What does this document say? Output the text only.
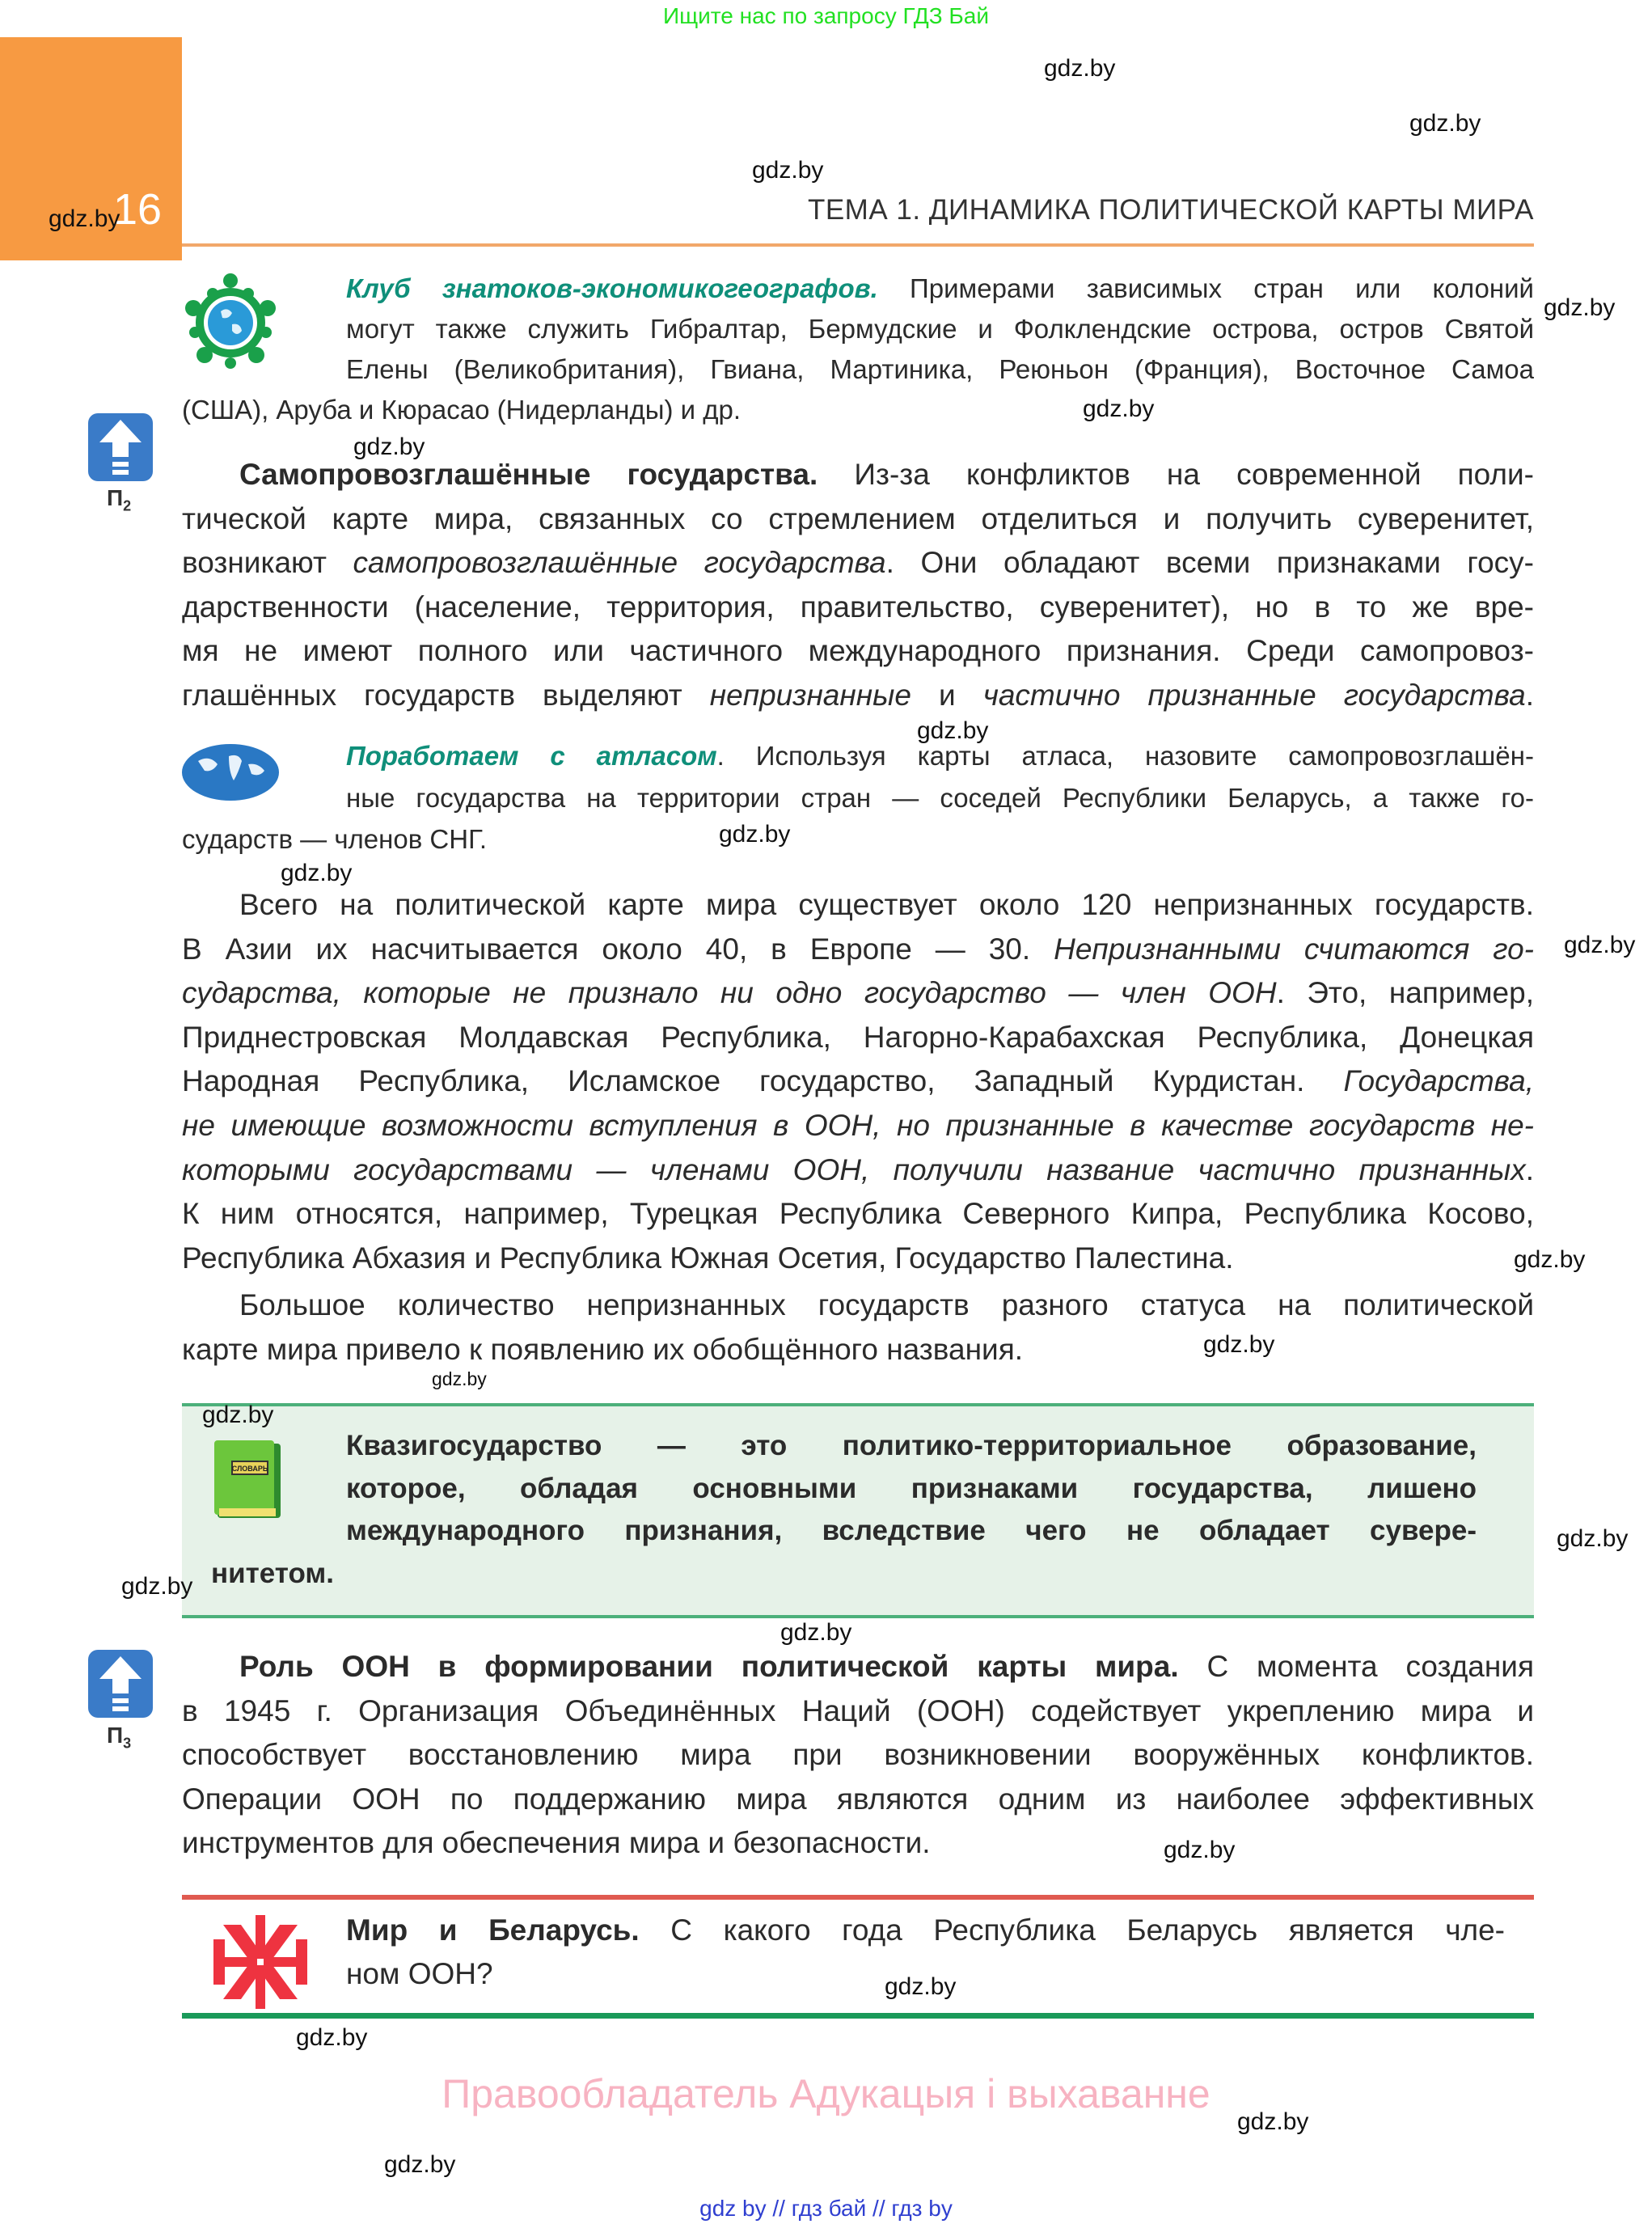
Ищите нас по запросу ГДЗ Бай
16	ТЕМА 1. ДИНАМИКА ПОЛИТИЧЕСКОЙ КАРТЫ МИРА
Клуб знатоков-экономикогеографов. Примерами зависимых стран или колоний
могут также служить Гибралтар, Бермудские и Фолклендские острова, остров Святой
Елены (Великобритания), Гвиана, Мартиника, Реюньон (Франция), Восточное Самоа
(США), Аруба и Кюрасао (Нидерланды) и др.
$П_2$
Самопровозглашённые государства. Из-за конфликтов на современной поли-
тической карте мира, связанных со стремлением отделиться и получить суверенитет,
возникают самопровозглашённые государства. Они обладают всеми признаками госу-
дарственности (население, территория, правительство, суверенитет), но в то же вре-
мя не имеют полного или частичного международного признания. Среди самопровоз-
глашённых государств выделяют непризнанные и частично признанные государства.
Поработаем с атласом. Используя карты атласа, назовите самопровозглашён-
ные государства на территории стран — соседей Республики Беларусь, а также го-
сударств — членов СНГ.
Всего на политической карте мира существует около 120 непризнанных государств.
В Азии их насчитывается около 40, в Европе — 30. Непризнанными считаются го-
сударства, которые не признало ни одно государство — член ООН. Это, например,
Приднестровская Молдавская Республика, Нагорно-Карабахская Республика, Донецкая
Народная Республика, Исламское государство, Западный Курдистан. Государства,
не имеющие возможности вступления в ООН, но признанные в качестве государств не-
которыми государствами — членами ООН, получили название частично признанных.
К ним относятся, например, Турецкая Республика Северного Кипра, Республика Косово,
Республика Абхазия и Республика Южная Осетия, Государство Палестина.
Большое количество непризнанных государств разного статуса на политической
карте мира привело к появлению их обобщённого названия.
СЛОВАРЬ
Квазигосударство — это политико-территориальное образование,
которое, обладая основными признаками государства, лишено
международного признания, вследствие чего не обладает сувере-
нитетом.
$П_3$
Роль ООН в формировании политической карты мира. С момента создания
в 1945 г. Организация Объединённых Наций (ООН) содействует укреплению мира и
способствует восстановлению мира при возникновении вооружённых конфликтов.
Операции ООН по поддержанию мира являются одним из наиболее эффективных
инструментов для обеспечения мира и безопасности.
Мир и Беларусь. С какого года Республика Беларусь является чле-
ном ООН?
Правообладатель Адукацыя і выхаванне
gdz by // гдз бай // гдз by
gdz.by
gdz.by
gdz.by
gdz.by
gdz.by
gdz.by
gdz.by
gdz.by
gdz.by
gdz.by
gdz.by
gdz.by
gdz.by
gdz.by
gdz.by
gdz.by
gdz.by
gdz.by
gdz.by
gdz.by
gdz.by
gdz.by
gdz.by
